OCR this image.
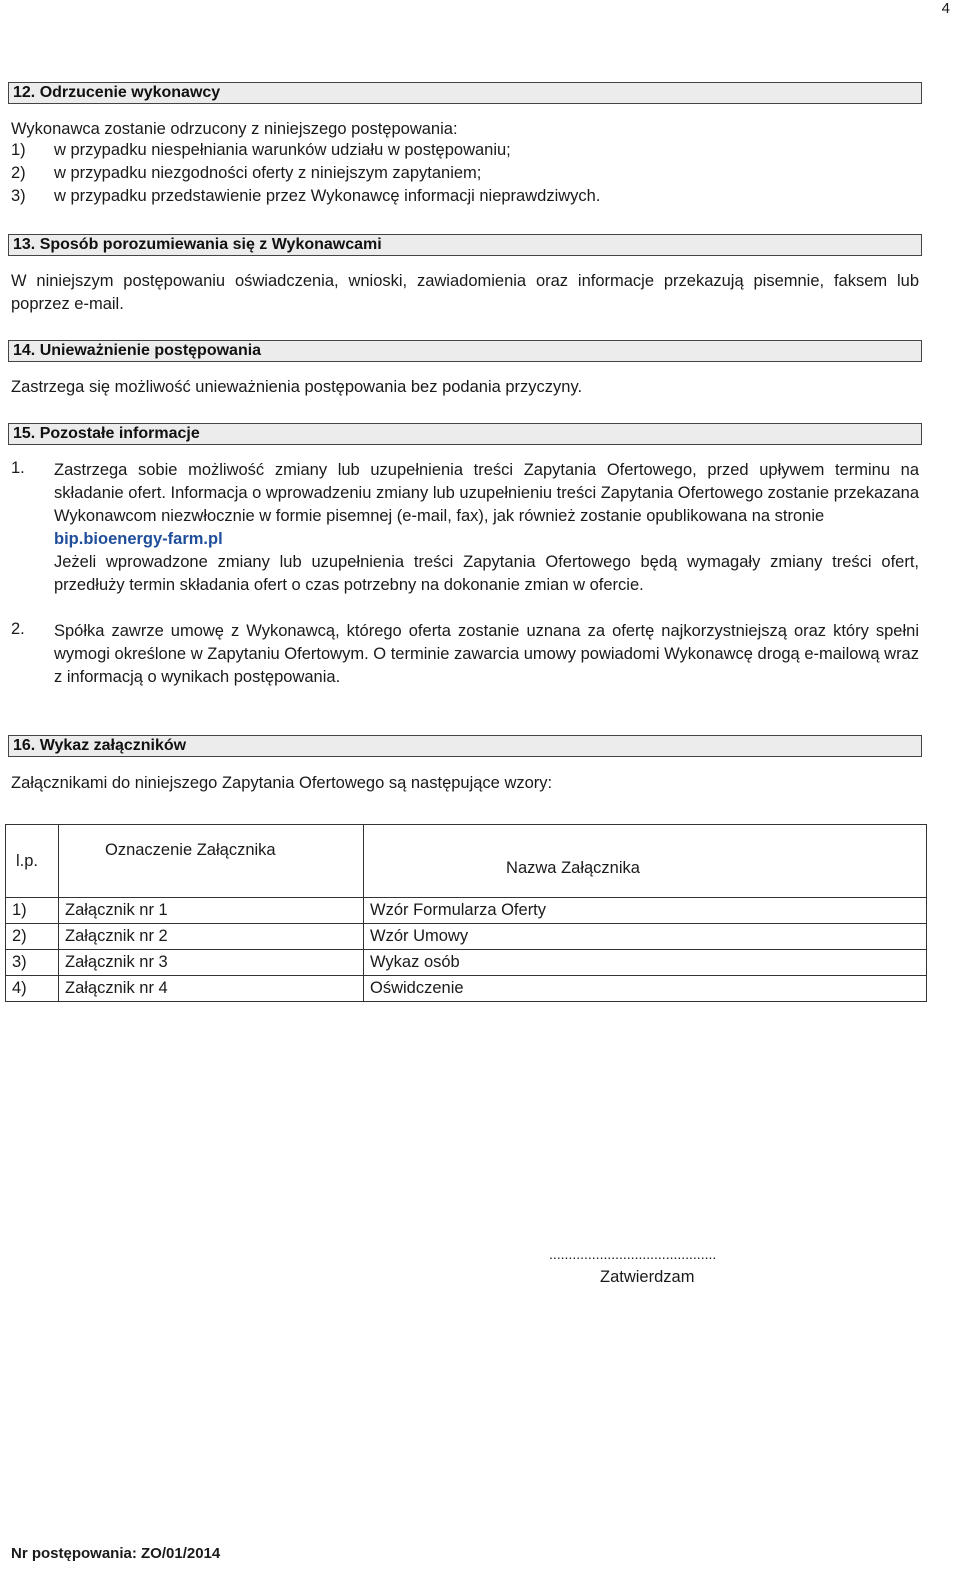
4
12. Odrzucenie wykonawcy
Wykonawca zostanie odrzucony z niniejszego postępowania:
1) w przypadku niespełniania warunków udziału w postępowaniu;
2) w przypadku niezgodności oferty z niniejszym zapytaniem;
3) w przypadku przedstawienie przez Wykonawcę informacji nieprawdziwych.
13. Sposób porozumiewania się z Wykonawcami
W niniejszym postępowaniu oświadczenia, wnioski, zawiadomienia oraz informacje przekazują pisemnie, faksem lub poprzez e-mail.
14. Unieważnienie postępowania
Zastrzega się możliwość unieważnienia postępowania bez podania przyczyny.
15. Pozostałe informacje
1. Zastrzega sobie możliwość zmiany lub uzupełnienia treści Zapytania Ofertowego, przed upływem terminu na składanie ofert. Informacja o wprowadzeniu zmiany lub uzupełnieniu treści Zapytania Ofertowego zostanie przekazana Wykonawcom niezwłocznie w formie pisemnej (e-mail, fax), jak również zostanie opublikowana na stronie
bip.bioenergy-farm.pl
Jeżeli wprowadzone zmiany lub uzupełnienia treści Zapytania Ofertowego będą wymagały zmiany treści ofert, przedłuży termin składania ofert o czas potrzebny na dokonanie zmian w ofercie.
2. Spółka zawrze umowę z Wykonawcą, którego oferta zostanie uznana za ofertę najkorzystniejszą oraz który spełni wymogi określone w Zapytaniu Ofertowym. O terminie zawarcia umowy powiadomi Wykonawcę drogą e-mailową wraz z informacją o wynikach postępowania.
16. Wykaz załączników
Załącznikami do niniejszego Zapytania Ofertowego są następujące wzory:
l.p.	Oznaczenie Załącznika	Nazwa Załącznika
1)	Załącznik nr 1	Wzór Formularza Oferty
2)	Załącznik nr 2	Wzór Umowy
3)	Załącznik nr 3	Wykaz osób
4)	Załącznik nr 4	Oświdczenie
...........................................
Zatwierdzam
Nr postępowania: ZO/01/2014
